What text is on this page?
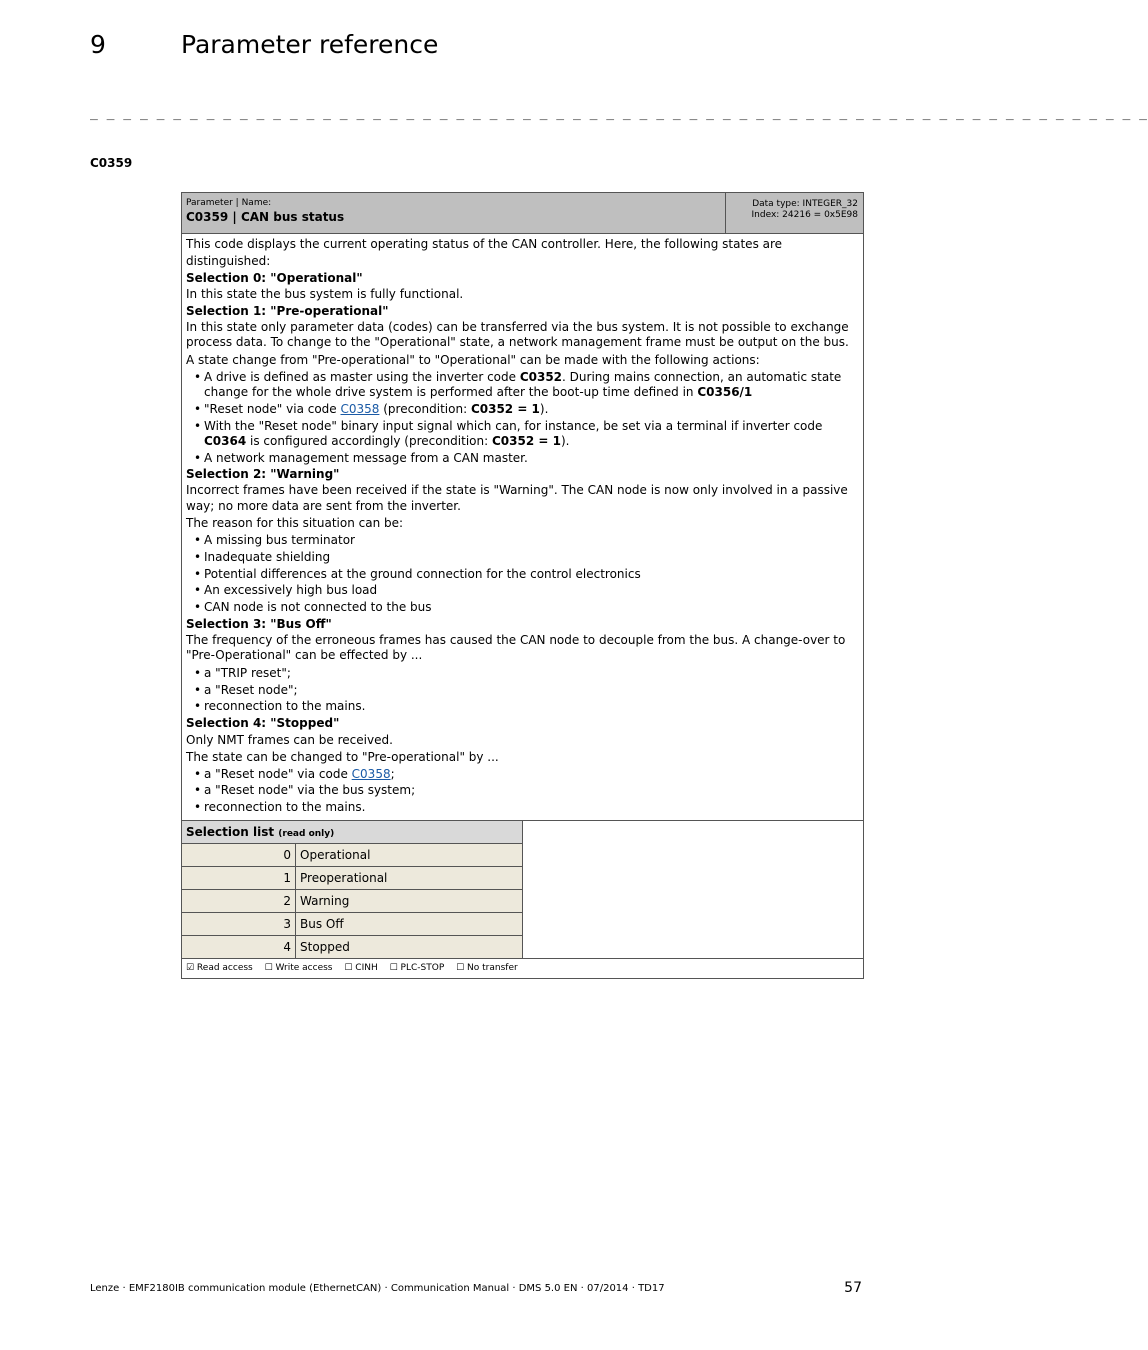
9	Parameter reference
_ _ _ _ _ _ _ _ _ _ _ _ _ _ _ _ _ _ _ _ _ _ _ _ _ _ _ _ _ _ _ _ _ _ _ _ _ _ _ _ _ _ _ _ _ _ _ _ _ _ _ _ _ _ _ _ _ _ _ _ _ _ _ _
C0359
Parameter | Name:
C0359 | CAN bus status
Data type: INTEGER_32
Index: 24216 = 0x5E98

This code displays the current operating status of the CAN controller. Here, the following states are distinguished:

Selection 0: "Operational"

In this state the bus system is fully functional.

Selection 1: "Pre-operational"

In this state only parameter data (codes) can be transferred via the bus system. It is not possible to exchange process data. To change to the "Operational" state, a network management frame must be output on the bus.

A state change from "Pre-operational" to "Operational" can be made with the following actions:

• A drive is defined as master using the inverter code C0352. During mains connection, an automatic state change for the whole drive system is performed after the boot-up time defined in C0356/1
• "Reset node" via code C0358 (precondition: C0352 = 1).
• With the "Reset node" binary input signal which can, for instance, be set via a terminal if inverter code C0364 is configured accordingly (precondition: C0352 = 1).
• A network management message from a CAN master.

Selection 2: "Warning"

Incorrect frames have been received if the state is "Warning". The CAN node is now only involved in a passive way; no more data are sent from the inverter.

The reason for this situation can be:

• A missing bus terminator
• Inadequate shielding
• Potential differences at the ground connection for the control electronics
• An excessively high bus load
• CAN node is not connected to the bus

Selection 3: "Bus Off"

The frequency of the erroneous frames has caused the CAN node to decouple from the bus. A change-over to "Pre-Operational" can be effected by ...

• a "TRIP reset";
• a "Reset node";
• reconnection to the mains.

Selection 4: "Stopped"

Only NMT frames can be received.

The state can be changed to "Pre-operational" by ...

• a "Reset node" via code C0358;
• a "Reset node" via the bus system;
• reconnection to the mains.
Selection list (read only)
0 Operational
1 Preoperational
2 Warning
3 Bus Off
4 Stopped
☑ Read access ☐ Write access ☐ CINH ☐ PLC-STOP ☐ No transfer
Lenze · EMF2180IB communication module (EthernetCAN) · Communication Manual · DMS 5.0 EN · 07/2014 · TD17	57
